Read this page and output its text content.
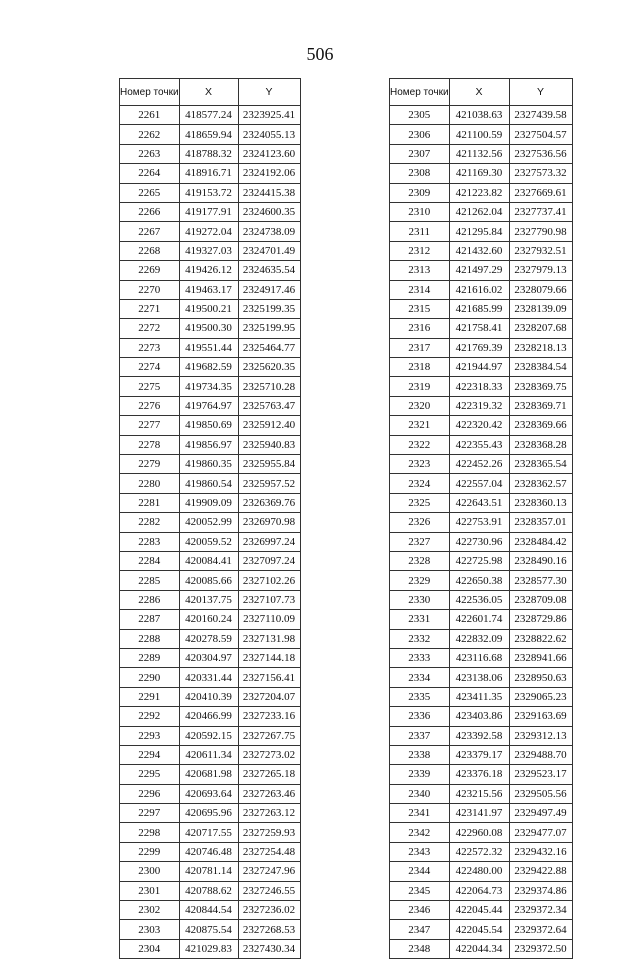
506
Номер точки	X	Y
2261	418577.24	2323925.41
2262	418659.94	2324055.13
2263	418788.32	2324123.60
2264	418916.71	2324192.06
2265	419153.72	2324415.38
2266	419177.91	2324600.35
2267	419272.04	2324738.09
2268	419327.03	2324701.49
2269	419426.12	2324635.54
2270	419463.17	2324917.46
2271	419500.21	2325199.35
2272	419500.30	2325199.95
2273	419551.44	2325464.77
2274	419682.59	2325620.35
2275	419734.35	2325710.28
2276	419764.97	2325763.47
2277	419850.69	2325912.40
2278	419856.97	2325940.83
2279	419860.35	2325955.84
2280	419860.54	2325957.52
2281	419909.09	2326369.76
2282	420052.99	2326970.98
2283	420059.52	2326997.24
2284	420084.41	2327097.24
2285	420085.66	2327102.26
2286	420137.75	2327107.73
2287	420160.24	2327110.09
2288	420278.59	2327131.98
2289	420304.97	2327144.18
2290	420331.44	2327156.41
2291	420410.39	2327204.07
2292	420466.99	2327233.16
2293	420592.15	2327267.75
2294	420611.34	2327273.02
2295	420681.98	2327265.18
2296	420693.64	2327263.46
2297	420695.96	2327263.12
2298	420717.55	2327259.93
2299	420746.48	2327254.48
2300	420781.14	2327247.96
2301	420788.62	2327246.55
2302	420844.54	2327236.02
2303	420875.54	2327268.53
2304	421029.83	2327430.34
Номер точки	X	Y
2305	421038.63	2327439.58
2306	421100.59	2327504.57
2307	421132.56	2327536.56
2308	421169.30	2327573.32
2309	421223.82	2327669.61
2310	421262.04	2327737.41
2311	421295.84	2327790.98
2312	421432.60	2327932.51
2313	421497.29	2327979.13
2314	421616.02	2328079.66
2315	421685.99	2328139.09
2316	421758.41	2328207.68
2317	421769.39	2328218.13
2318	421944.97	2328384.54
2319	422318.33	2328369.75
2320	422319.32	2328369.71
2321	422320.42	2328369.66
2322	422355.43	2328368.28
2323	422452.26	2328365.54
2324	422557.04	2328362.57
2325	422643.51	2328360.13
2326	422753.91	2328357.01
2327	422730.96	2328484.42
2328	422725.98	2328490.16
2329	422650.38	2328577.30
2330	422536.05	2328709.08
2331	422601.74	2328729.86
2332	422832.09	2328822.62
2333	423116.68	2328941.66
2334	423138.06	2328950.63
2335	423411.35	2329065.23
2336	423403.86	2329163.69
2337	423392.58	2329312.13
2338	423379.17	2329488.70
2339	423376.18	2329523.17
2340	423215.56	2329505.56
2341	423141.97	2329497.49
2342	422960.08	2329477.07
2343	422572.32	2329432.16
2344	422480.00	2329422.88
2345	422064.73	2329374.86
2346	422045.44	2329372.34
2347	422045.54	2329372.64
2348	422044.34	2329372.50
